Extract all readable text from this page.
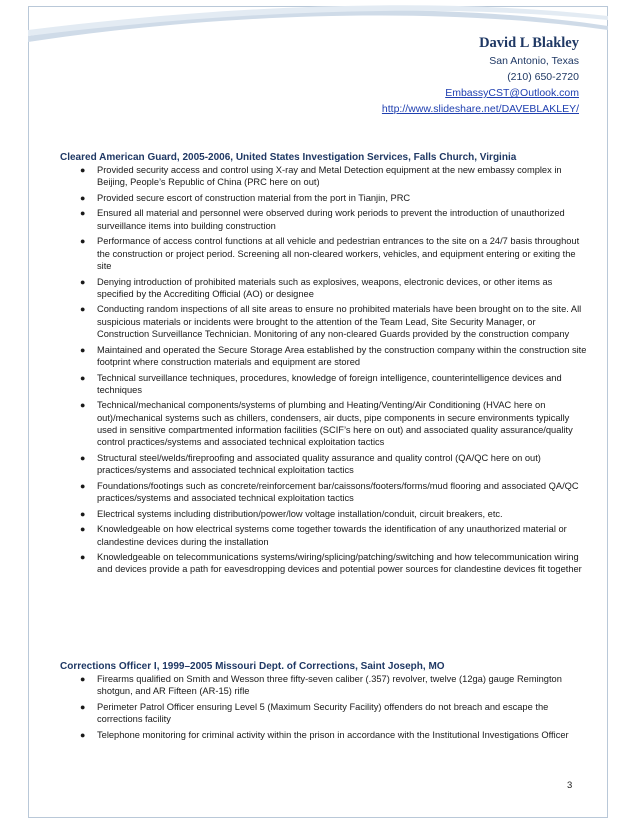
David L Blakley
San Antonio, Texas
(210) 650-2720
EmbassyCST@Outlook.com
http://www.slideshare.net/DAVEBLAKLEY/
Cleared American Guard, 2005-2006, United States Investigation Services, Falls Church, Virginia
● Provided security access and control using X-ray and Metal Detection equipment at the new embassy complex in Beijing, People’s Republic of China (PRC here on out)
● Provided secure escort of construction material from the port in Tianjin, PRC
● Ensured all material and personnel were observed during work periods to prevent the introduction of unauthorized surveillance items into building construction
● Performance of access control functions at all vehicle and pedestrian entrances to the site on a 24/7 basis throughout the construction or project period. Screening all non-cleared workers, vehicles, and equipment entering or exiting the site
● Denying introduction of prohibited materials such as explosives, weapons, electronic devices, or other items as specified by the Accrediting Official (AO) or designee
● Conducting random inspections of all site areas to ensure no prohibited materials have been brought on to the site. All suspicious materials or incidents were brought to the attention of the Team Lead, Site Security Manager, or Construction Surveillance Technician. Monitoring of any non-cleared Guards provided by the construction company
● Maintained and operated the Secure Storage Area established by the construction company within the construction site footprint where construction materials and equipment are stored
● Technical surveillance techniques, procedures, knowledge of foreign intelligence, counterintelligence devices and techniques
● Technical/mechanical components/systems of plumbing and Heating/Venting/Air Conditioning (HVAC here on out)/mechanical systems such as chillers, condensers, air ducts, pipe components in secure environments typically used in sensitive compartmented information facilities (SCIF’s here on out) and associated quality assurance/quality control practices/systems and associated technical exploitation tactics
● Structural steel/welds/fireproofing and associated quality assurance and quality control (QA/QC here on out) practices/systems and associated technical exploitation tactics
● Foundations/footings such as concrete/reinforcement bar/caissons/footers/forms/mud flooring and associated QA/QC practices/systems and associated technical exploitation tactics
● Electrical systems including distribution/power/low voltage installation/conduit, circuit breakers, etc.
● Knowledgeable on how electrical systems come together towards the identification of any unauthorized material or clandestine devices during the installation
● Knowledgeable on telecommunications systems/wiring/splicing/patching/switching and how telecommunication wiring and devices provide a path for eavesdropping devices and potential power sources for clandestine devices fit together
Corrections Officer I, 1999–2005 Missouri Dept. of Corrections, Saint Joseph, MO
● Firearms qualified on Smith and Wesson three fifty-seven caliber (.357) revolver, twelve (12ga) gauge Remington shotgun, and AR Fifteen (AR-15) rifle
● Perimeter Patrol Officer ensuring Level 5 (Maximum Security Facility) offenders do not breach and escape the corrections facility
● Telephone monitoring for criminal activity within the prison in accordance with the Institutional Investigations Officer
3
